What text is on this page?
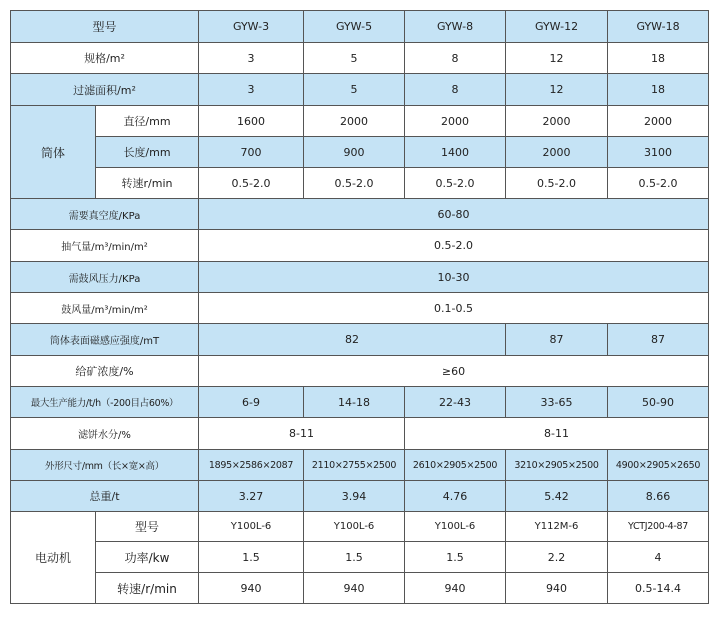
型号		GYW-3	GYW-5	GYW-8	GYW-12	GYW-18
规格/m²		3	5	8	12	18
过滤面积/m²		3	5	8	12	18
筒体	直径/mm	1600	2000	2000	2000	2000
	长度/mm	700	900	1400	2000	3100
	转速r/min	0.5-2.0	0.5-2.0	0.5-2.0	0.5-2.0	0.5-2.0
需要真空度/KPa		60-80				
抽气量/m³/min/m²		0.5-2.0				
需鼓风压力/KPa		10-30				
鼓风量/m³/min/m²		0.1-0.5				
筒体表面磁感应强度/mT		82			87	87
给矿浓度/%		≥60				
最大生产能力/t/h（-200目占60%）		6-9	14-18	22-43	33-65	50-90
滤饼水分/%		8-11		8-11		
外形尺寸/mm（长×宽×高）		1895×2586×2087	2110×2755×2500	2610×2905×2500	3210×2905×2500	4900×2905×2650
总重/t		3.27	3.94	4.76	5.42	8.66
电动机	型号	Y100L-6	Y100L-6	Y100L-6	Y112M-6	YCTJ200-4-87
	功率/kw	1.5	1.5	1.5	2.2	4
	转速/r/min	940	940	940	940	0.5-14.4
